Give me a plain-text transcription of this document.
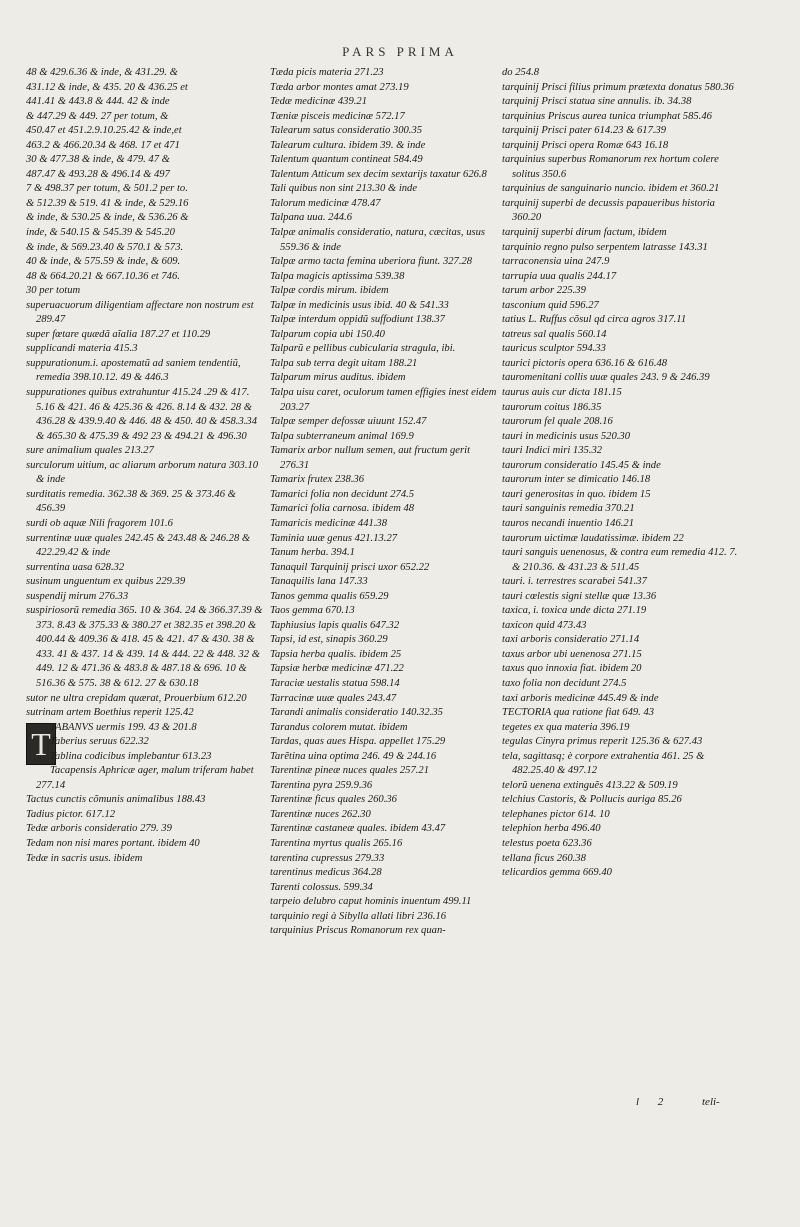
PARS PRIMA

48 & 429.6.36 & inde, & 431.29. &

431.12 & inde, & 435. 20 & 436.25 et

441.41 & 443.8 & 444. 42 & inde

& 447.29 & 449. 27 per totum, &

450.47 et 451.2.9.10.25.42 & inde,et

463.2 & 466.20.34 & 468. 17 et 471

30 & 477.38 & inde, & 479. 47 &

487.47 & 493.28 & 496.14 & 497

7 & 498.37 per totum, & 501.2 per to.

& 512.39 & 519. 41 & inde, & 529.16

& inde, & 530.25 & inde, & 536.26 &

inde, & 540.15 & 545.39 & 545.20

& inde, & 569.23.40 & 570.1 & 573.

40 & inde, & 575.59 & inde, & 609.

48 & 664.20.21 & 667.10.36 et 746.

30 per totum

superuacuorum diligentiam affectare non nostrum est 289.47

super fœtare quædã aĩalia 187.27 et 110.29

supplicandi materia 415.3

suppurationum.i. apostematũ ad saniem tendentiũ, remedia 398.10.12. 49 & 446.3

suppurationes quibus extrahuntur 415.24 .29 & 417. 5.16 & 421. 46 & 425.36 & 426. 8.14 & 432. 28 & 436.28 & 439.9.40 & 446. 48 & 450. 40 & 458.3.34 & 465.30 & 475.39 & 492 23 & 494.21 & 496.30

sure animalium quales 213.27

surculorum uitium, ac aliarum arborum natura 303.10 & inde

surditatis remedia. 362.38 & 369. 25 & 373.46 & 456.39

surdi ob aquæ Nili fragorem 101.6

surrentinæ uuæ quales 242.45 & 243.48 & 246.28 & 422.29.42 & inde

surrentina uasa 628.32

susinum unguentum ex quibus 229.39

suspendij mirum 276.33

suspiriosorũ remedia 365. 10 & 364. 24 & 366.37.39 & 373. 8.43 & 375.33 & 380.27 et 382.35 et 398.20 & 400.44 & 409.36 & 418. 45 & 421. 47 & 430. 38 & 433. 41 & 437. 14 & 439. 14 & 444. 22 & 448. 32 & 449. 12 & 471.36 & 483.8 & 487.18 & 696. 10 & 516.36 & 575. 38 & 612. 27 & 630.18

sutor ne ultra crepidam quærat, Prouerbium 612.20

sutrinam artem Boethius reperit 125.42

T TABANVS uermis 199. 43 & 201.8

Taberius seruus 622.32

Tablina codicibus implebantur 613.23

Tacapensis Aphricæ ager, malum triferam habet 277.14

Tactus cunctis cõmunis animalibus 188.43

Tadius pictor. 617.12

Tedæ arboris consideratio 279. 39

Tedam non nisi mares portant. ibidem 40

Tedæ in sacris usus. ibidem

Tæda picis materia 271.23

Tæda arbor montes amat 273.19

Tedæ medicinæ 439.21

Tæniæ pisceis medicinæ 572.17

Talearum satus consideratio 300.35

Talearum cultura. ibidem 39. & inde

Talentum quantum contineat 584.49

Talentum Atticum sex decim sextarijs taxatur 626.8

Tali quibus non sint 213.30 & inde

Talorum medicinæ 478.47

Talpana uua. 244.6

Talpæ animalis consideratio, natura, cæcitas, usus 559.36 & inde

Talpæ armo tacta femina uberiora fiunt. 327.28

Talpa magicis aptissima 539.38

Talpæ cordis mirum. ibidem

Talpæ in medicinis usus ibid. 40 & 541.33

Talpæ interdum oppidũ suffodiunt 138.37

Talparum copia ubi 150.40

Talparũ e pellibus cubicularia stragula, ibi.

Talpa sub terra degit uitam 188.21

Talparum mirus auditus. ibidem

Talpa uisu caret, oculorum tamen effigies inest eidem 203.27

Talpæ semper defossæ uiuunt 152.47

Talpa subterraneum animal 169.9

Tamarix arbor nullum semen, aut fructum gerit 276.31

Tamarix frutex 238.36

Tamarici folia non decidunt 274.5

Tamarici folia carnosa. ibidem 48

Tamaricis medicinæ 441.38

Taminia uuæ genus 421.13.27

Tanum herba. 394.1

Tanaquil Tarquinij prisci uxor 652.22

Tanaquilis lana 147.33

Tanos gemma qualis 659.29

Taos gemma 670.13

Taphiusius lapis qualis 647.32

Tapsi, id est, sinapis 360.29

Tapsia herba qualis. ibidem 25

Tapsiæ herbæ medicinæ 471.22

Taraciæ uestalis statua 598.14

Tarracinæ uuæ quales 243.47

Tarandi animalis consideratio 140.32.35

Tarandus colorem mutat. ibidem

Tardas, quas aues Hispa. appellet 175.29

Tarẽtina uina optima 246. 49 & 244.16

Tarentinæ pineæ nuces quales 257.21

Tarentina pyra 259.9.36

Tarentinæ ficus quales 260.36

Tarentinæ nuces 262.30

Tarentinæ castaneæ quales. ibidem 43.47

Tarentina myrtus qualis 265.16

tarentina cupressus 279.33

tarentinus medicus 364.28

Tarenti colossus. 599.34

tarpeio delubro caput hominis inuentum 499.11

tarquinio regi à Sibylla allati libri 236.16

tarquinius Priscus Romanorum rex quan-

do 254.8

tarquinij Prisci filius primum prætexta donatus 580.36

tarquinij Prisci statua sine annulis. ib. 34.38

tarquinius Priscus aurea tunica triumphat 585.46

tarquinij Prisci pater 614.23 & 617.39

tarquinij Prisci opera Romæ 643 16.18

tarquinius superbus Romanorum rex hortum colere solitus 350.6

tarquinius de sanguinario nuncio. ibidem et 360.21

tarquinij superbi de decussis papaueribus historia 360.20

tarquinij superbi dirum factum, ibidem

tarquinio regno pulso serpentem latrasse 143.31

tarraconensia uina 247.9

tarrupia uua qualis 244.17

tarum arbor 225.39

tasconium quid 596.27

tatius L. Ruffus cõsul qd circa agros 317.11

tatreus sal qualis 560.14

tauricus sculptor 594.33

taurici pictoris opera 636.16 & 616.48

tauromenitani collis uuæ quales 243. 9 & 246.39

taurus auis cur dicta 181.15

taurorum coitus 186.35

taurorum fel quale 208.16

tauri in medicinis usus 520.30

tauri Indici miri 135.32

taurorum consideratio 145.45 & inde

taurorum inter se dimicatio 146.18

tauri generositas in quo. ibidem 15

tauri sanguinis remedia 370.21

tauros necandi inuentio 146.21

taurorum uictimæ laudatissimæ. ibidem 22

tauri sanguis uenenosus, & contra eum remedia 412. 7. & 210.36. & 431.23 & 511.45

tauri. i. terrestres scarabei 541.37

tauri cœlestis signi stellæ quæ 13.36

taxica, i. toxica unde dicta 271.19

taxicon quid 473.43

taxi arboris consideratio 271.14

taxus arbor ubi uenenosa 271.15

taxus quo innoxia fiat. ibidem 20

taxo folia non decidunt 274.5

taxi arboris medicinæ 445.49 & inde

TECTORIA qua ratione fiat 649. 43

tegetes ex qua materia 396.19

tegulas Cinyra primus reperit 125.36 & 627.43

tela, sagittasq; è corpore extrahentia 461. 25 & 482.25.40 & 497.12

telorũ uenena extinguẽs 413.22 & 509.19

telchius Castoris, & Pollucis auriga 85.26

telephanes pictor 614. 10

telephion herba 496.40

telestus poeta 623.36

tellana ficus 260.38

telicardios gemma 669.40

l 2	teli-
